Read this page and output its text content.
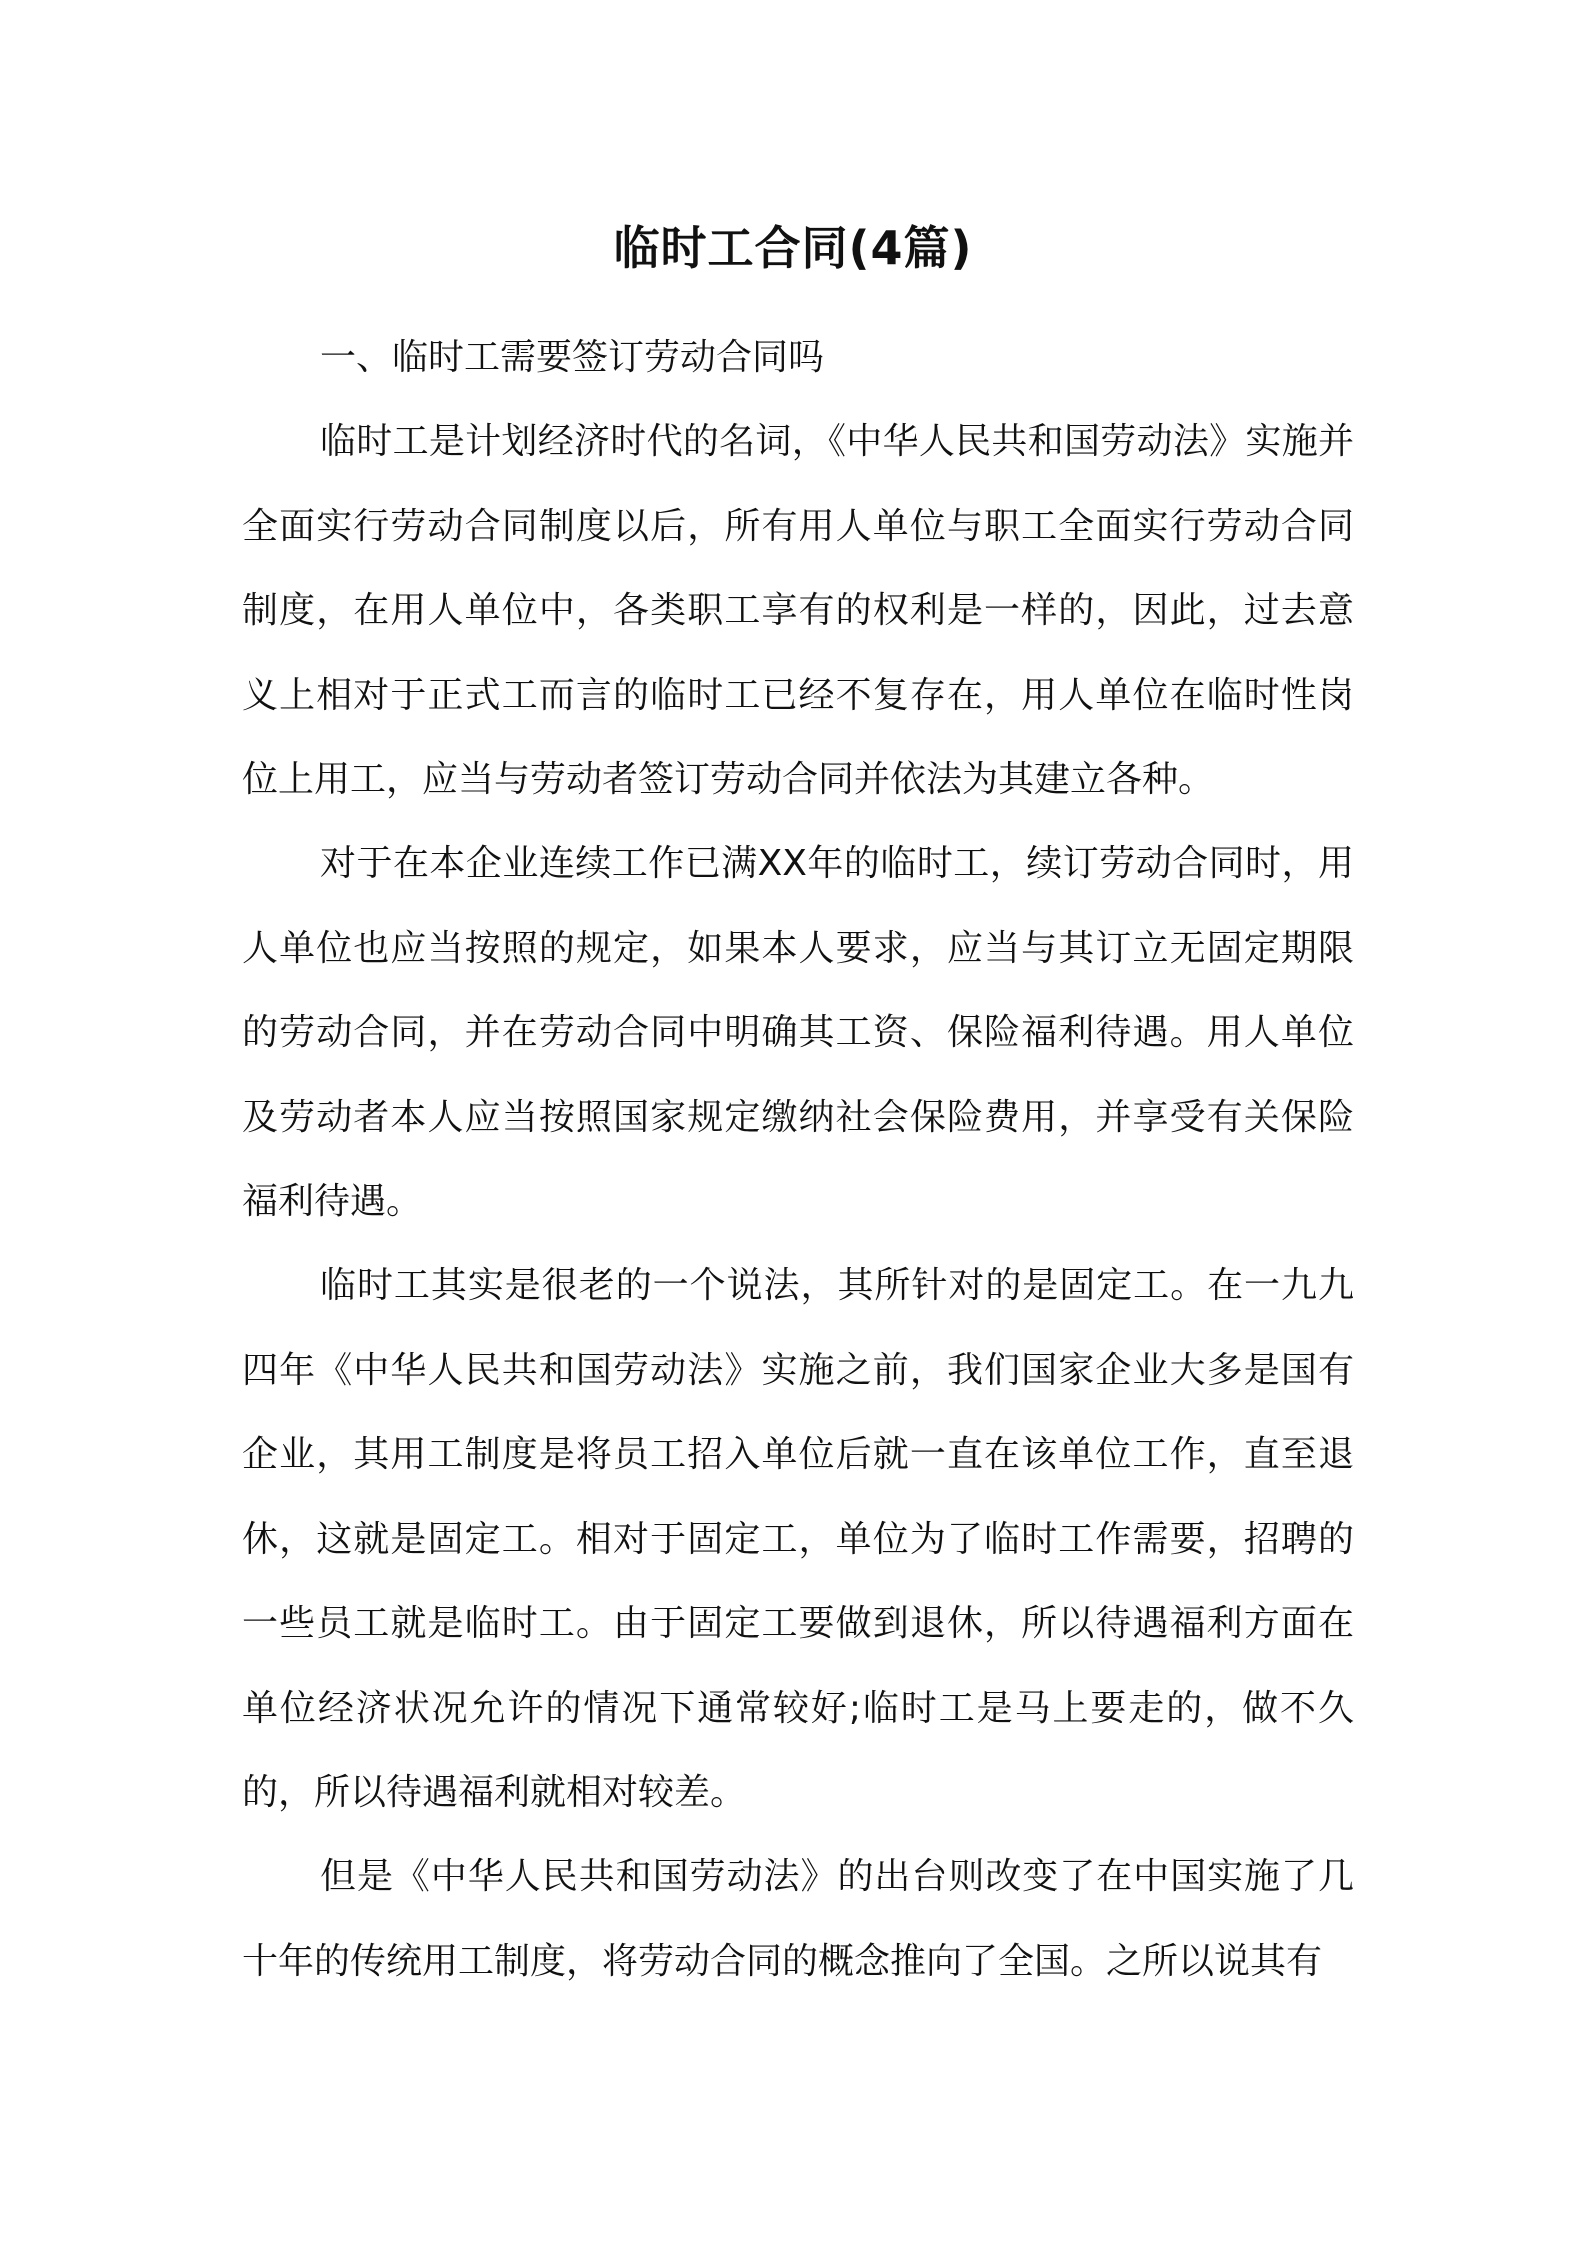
临时工合同(4篇)
一、临时工需要签订劳动合同吗

临时工是计划经济时代的名词，《中华人民共和国劳动法》实施并全面实行劳动合同制度以后，所有用人单位与职工全面实行劳动合同制度，在用人单位中，各类职工享有的权利是一样的，因此，过去意义上相对于正式工而言的临时工已经不复存在，用人单位在临时性岗位上用工，应当与劳动者签订劳动合同并依法为其建立各种。

对于在本企业连续工作已满XX年的临时工，续订劳动合同时，用人单位也应当按照的规定，如果本人要求，应当与其订立无固定期限的劳动合同，并在劳动合同中明确其工资、保险福利待遇。用人单位及劳动者本人应当按照国家规定缴纳社会保险费用，并享受有关保险福利待遇。

临时工其实是很老的一个说法，其所针对的是固定工。在一九九四年《中华人民共和国劳动法》实施之前，我们国家企业大多是国有企业，其用工制度是将员工招入单位后就一直在该单位工作，直至退休，这就是固定工。相对于固定工，单位为了临时工作需要，招聘的一些员工就是临时工。由于固定工要做到退休，所以待遇福利方面在单位经济状况允许的情况下通常较好;临时工是马上要走的，做不久的，所以待遇福利就相对较差。

但是《中华人民共和国劳动法》的出台则改变了在中国实施了几十年的传统用工制度，将劳动合同的概念推向了全国。之所以说其有
